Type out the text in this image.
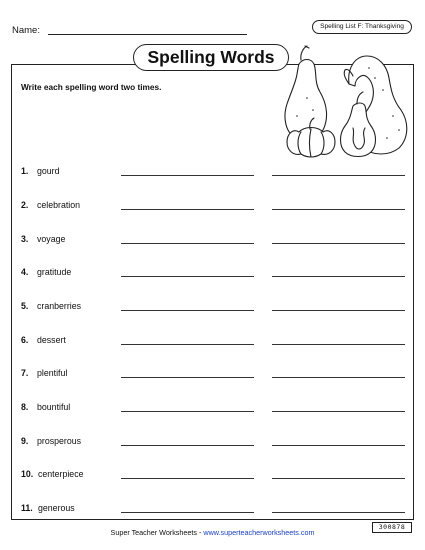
Name:	Spelling List F: Thanksgiving
Spelling Words
Write each spelling word two times.
1. gourd
2. celebration
3. voyage
4. gratitude
5. cranberries
6. dessert
7. plentiful
8. bountiful
9. prosperous
10. centerpiece
11. generous
Super Teacher Worksheets - www.superteacherworksheets.com
300878
